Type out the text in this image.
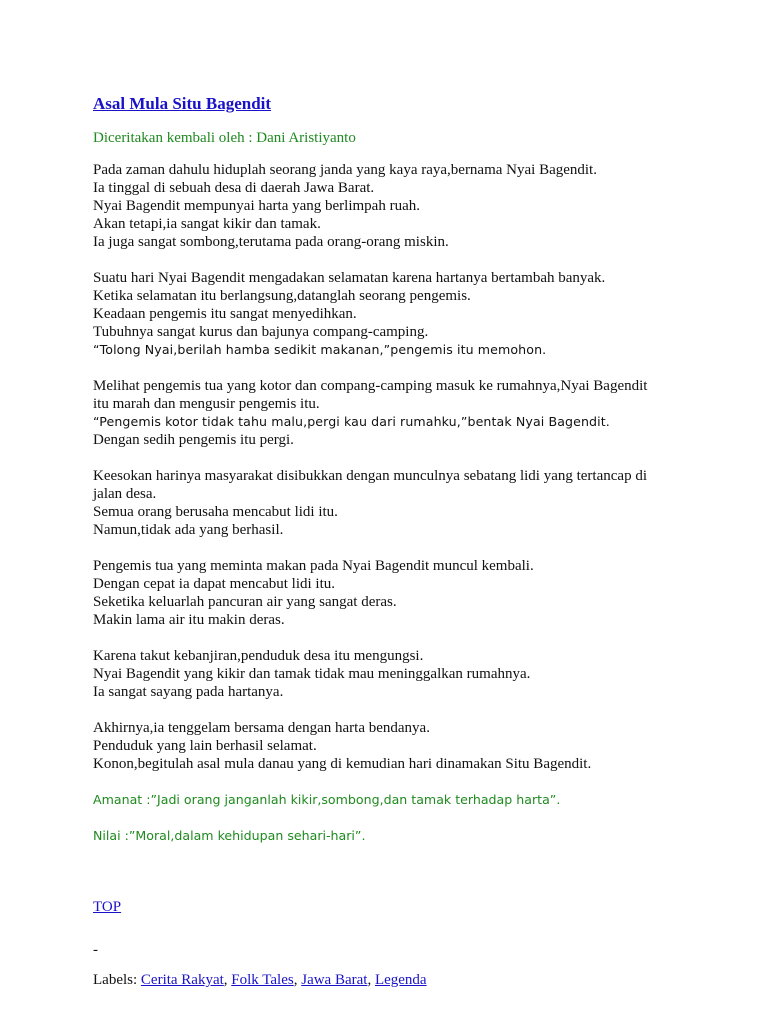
Asal Mula Situ Bagendit
Diceritakan kembali oleh : Dani Aristiyanto
Pada zaman dahulu hiduplah seorang janda yang kaya raya,bernama Nyai Bagendit.
Ia tinggal di sebuah desa di daerah Jawa Barat.
Nyai Bagendit mempunyai harta yang berlimpah ruah.
Akan tetapi,ia sangat kikir dan tamak.
Ia juga sangat sombong,terutama pada orang-orang miskin.
Suatu hari Nyai Bagendit mengadakan selamatan karena hartanya bertambah banyak.
Ketika selamatan itu berlangsung,datanglah seorang pengemis.
Keadaan pengemis itu sangat menyedihkan.
Tubuhnya sangat kurus dan bajunya compang-camping.
“Tolong Nyai,berilah hamba sedikit makanan,”pengemis itu memohon.
Melihat pengemis tua yang kotor dan compang-camping masuk ke rumahnya,Nyai Bagendit
itu marah dan mengusir pengemis itu.
“Pengemis kotor tidak tahu malu,pergi kau dari rumahku,”bentak Nyai Bagendit.
Dengan sedih pengemis itu pergi.
Keesokan harinya masyarakat disibukkan dengan munculnya sebatang lidi yang tertancap di
jalan desa.
Semua orang berusaha mencabut lidi itu.
Namun,tidak ada yang berhasil.
Pengemis tua yang meminta makan pada Nyai Bagendit muncul kembali.
Dengan cepat ia dapat mencabut lidi itu.
Seketika keluarlah pancuran air yang sangat deras.
Makin lama air itu makin deras.
Karena takut kebanjiran,penduduk desa itu mengungsi.
Nyai Bagendit yang kikir dan tamak tidak mau meninggalkan rumahnya.
Ia sangat sayang pada hartanya.
Akhirnya,ia tenggelam bersama dengan harta bendanya.
Penduduk yang lain berhasil selamat.
Konon,begitulah asal mula danau yang di kemudian hari dinamakan Situ Bagendit.
Amanat :”Jadi orang janganlah kikir,sombong,dan tamak terhadap harta”.
Nilai :”Moral,dalam kehidupan sehari-hari”.
TOP
-
Labels: Cerita Rakyat, Folk Tales, Jawa Barat, Legenda
